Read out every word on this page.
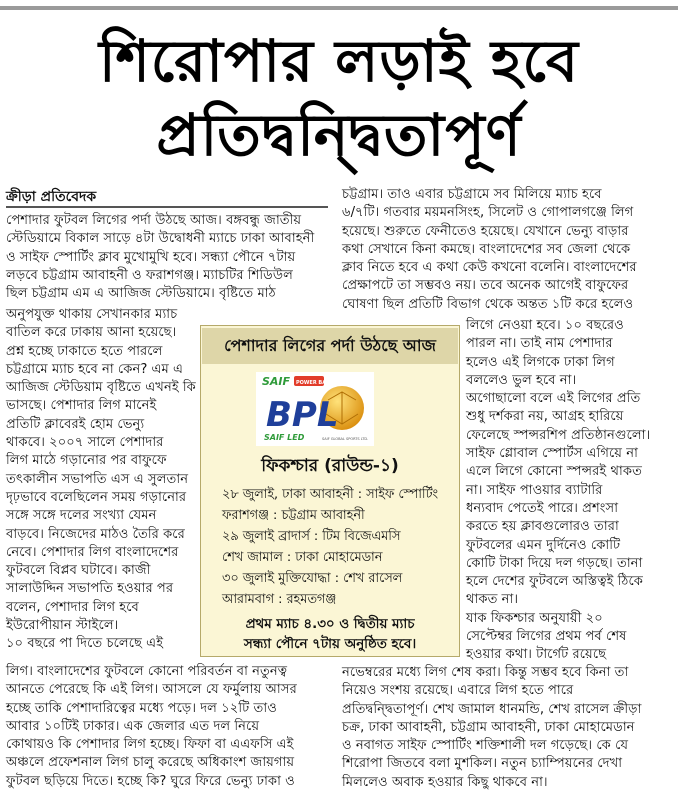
শিরোপার লড়াই হবে
প্রতিদ্বন্দ্বিতাপূর্ণ
ক্রীড়া প্রতিবেদক
পেশাদার ফুটবল লিগের পর্দা উঠছে আজ। বঙ্গবন্ধু জাতীয়
স্টেডিয়ামে বিকাল সাড়ে ৪টা উদ্বোধনী ম্যাচে ঢাকা আবাহনী
ও সাইফ স্পোর্টিং ক্লাব মুখোমুখি হবে। সন্ধ্যা পৌনে ৭টায়
লড়বে চট্টগ্রাম আবাহনী ও ফরাশগঞ্জ। ম্যাচটির শিডিউল
ছিল চট্টগ্রাম এম এ আজিজ স্টেডিয়ামে। বৃষ্টিতে মাঠ
অনুপযুক্ত থাকায় সেখানকার ম্যাচ
বাতিল করে ঢাকায় আনা হয়েছে।
প্রশ্ন হচ্ছে ঢাকাতে হতে পারলে
চট্টগ্রামে ম্যাচ হবে না কেন? এম এ
আজিজ স্টেডিয়াম বৃষ্টিতে এখনই কি
ভাসছে। পেশাদার লিগ মানেই
প্রতিটি ক্লাবেরই হোম ভেন্যু
থাকবে। ২০০৭ সালে পেশাদার
লিগ মাঠে গড়ানোর পর বাফুফে
তৎকালীন সভাপতি এস এ সুলতান
দৃঢ়ভাবে বলেছিলেন সময় গড়ানোর
সঙ্গে সঙ্গে দলের সংখ্যা যেমন
বাড়বে। নিজেদের মাঠও তৈরি করে
নেবে। পেশাদার লিগ বাংলাদেশের
ফুটবলে বিপ্লব ঘটাবে। কাজী
সালাউদ্দিন সভাপতি হওয়ার পর
বলেন, পেশাদার লিগ হবে
ইউরোপীয়ান স্টাইলে।
১০ বছরে পা দিতে চলেছে এই
লিগ। বাংলাদেশের ফুটবলে কোনো পরিবর্তন বা নতুনত্ব
আনতে পেরেছে কি এই লিগ। আসলে যে ফর্মুলায় আসর
হচ্ছে তাকি পেশাদারিত্বের মধ্যে পড়ে। দল ১২টি তাও
আবার ১০টিই ঢাকার। এক জেলার এত দল নিয়ে
কোথায়ও কি পেশাদার লিগ হচ্ছে। ফিফা বা এএফসি এই
অঞ্চলে প্রফেশনাল লিগ চালু করেছে অধিকাংশ জায়গায়
ফুটবল ছড়িয়ে দিতে। হচ্ছে কি? ঘুরে ফিরে ভেন্যু ঢাকা ও
চট্টগ্রাম। তাও এবার চট্টগ্রামে সব মিলিয়ে ম্যাচ হবে
৬/৭টি। গতবার ময়মনসিংহ, সিলেট ও গোপালগঞ্জে লিগ
হয়েছে। শুরুতে ফেনীতেও হয়েছে। যেখানে ভেন্যু বাড়ার
কথা সেখানে কিনা কমছে। বাংলাদেশের সব জেলা থেকে
ক্লাব নিতে হবে এ কথা কেউ কখনো বলেনি। বাংলাদেশের
প্রেক্ষাপটে তা সম্ভবও নয়। তবে অনেক আগেই বাফুফের
ঘোষণা ছিল প্রতিটি বিভাগ থেকে অন্তত ১টি করে হলেও
লিগে নেওয়া হবে। ১০ বছরেও
পারল না। তাই নাম পেশাদার
হলেও এই লিগকে ঢাকা লিগ
বললেও ভুল হবে না।
অগোছালো বলে এই লিগের প্রতি
শুধু দর্শকরা নয়, আগ্রহ হারিয়ে
ফেলেছে স্পন্সরশিপ প্রতিষ্ঠানগুলো।
সাইফ গ্লোবাল স্পোর্টস এগিয়ে না
এলে লিগে কোনো স্পন্সরই থাকত
না। সাইফ পাওয়ার ব্যাটারি
ধন্যবাদ পেতেই পারে। প্রশংসা
করতে হয় ক্লাবগুলোরও তারা
ফুটবলের এমন দুর্দিনেও কোটি
কোটি টাকা দিয়ে দল গড়ছে। তানা
হলে দেশের ফুটবলে অস্তিত্বই ঠিকে
থাকত না।
যাক ফিকশ্চার অনুযায়ী ২০
সেপ্টেম্বর লিগের প্রথম পর্ব শেষ
হওয়ার কথা। টার্গেট রয়েছে
নভেম্বরের মধ্যে লিগ শেষ করা। কিন্তু সম্ভব হবে কিনা তা
নিয়েও সংশয় রয়েছে। এবারে লিগ হতে পারে
প্রতিদ্বন্দ্বিতাপূর্ণ। শেখ জামাল ধানমন্ডি, শেখ রাসেল ক্রীড়া
চক্র, ঢাকা আবাহনী, চট্টগ্রাম আবাহনী, ঢাকা মোহামেডান
ও নবাগত সাইফ স্পোর্টিং শক্তিশালী দল গড়েছে। কে যে
শিরোপা জিতবে বলা মুশকিল। নতুন চ্যাম্পিয়নের দেখা
মিললেও অবাক হওয়ার কিছু থাকবে না।
পেশাদার লিগের পর্দা উঠছে আজ
SAIF POWER BATTERY
BPL
SAIF LED	SAIF GLOBAL SPORTS LTD.
ফিকশ্চার (রাউন্ড-১)
২৮ জুলাই, ঢাকা আবাহনী : সাইফ স্পোর্টিং
ফরাশগঞ্জ : চট্টগ্রাম আবাহনী
২৯ জুলাই ব্রাদার্স : টিম বিজেএমসি
শেখ জামাল : ঢাকা মোহামেডান
৩০ জুলাই মুক্তিযোদ্ধা : শেখ রাসেল
আরামবাগ : রহমতগঞ্জ
প্রথম ম্যাচ ৪.৩০ ও দ্বিতীয় ম্যাচ
সন্ধ্যা পৌনে ৭টায় অনুষ্ঠিত হবে।
